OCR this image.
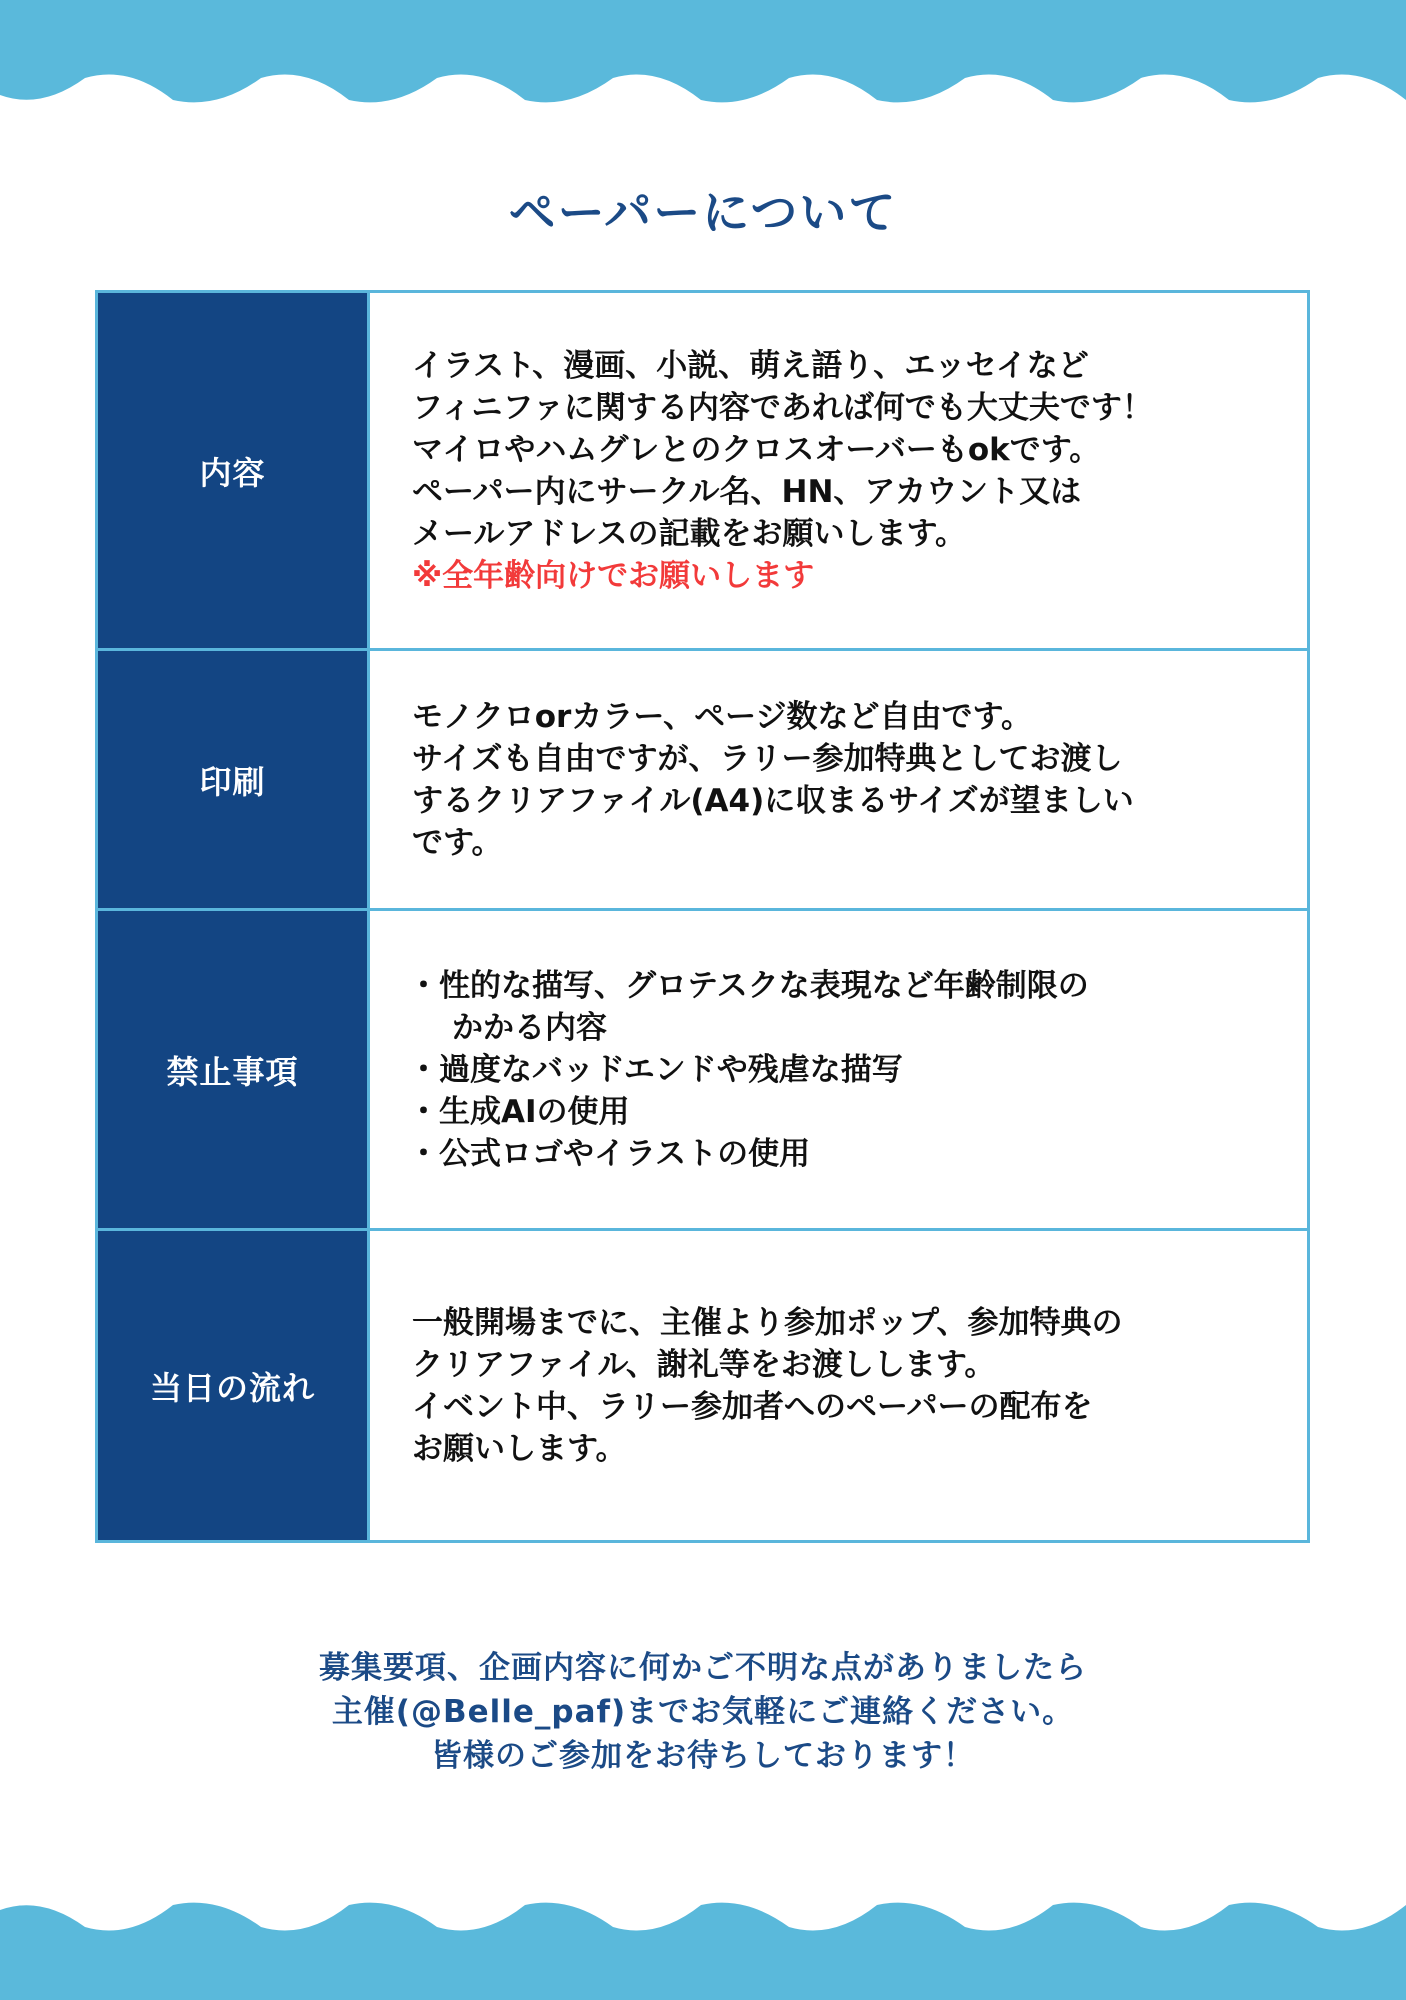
ペーパーについて
内容

イラスト、漫画、小説、萌え語り、エッセイなど

フィニファに関する内容であれば何でも大丈夫です！

マイロやハムグレとのクロスオーバーもokです。

ペーパー内にサークル名、HN、アカウント又は

メールアドレスの記載をお願いします。

※全年齢向けでお願いします

印刷

モノクロorカラー、ページ数など自由です。

サイズも自由ですが、ラリー参加特典としてお渡し

するクリアファイル(A4)に収まるサイズが望ましい

です。

禁止事項

・性的な描写、グロテスクな表現など年齢制限の

かかる内容

・過度なバッドエンドや残虐な描写

・生成AIの使用

・公式ロゴやイラストの使用

当日の流れ

一般開場までに、主催より参加ポップ、参加特典の

クリアファイル、謝礼等をお渡しします。

イベント中、ラリー参加者へのペーパーの配布を

お願いします。

募集要項、企画内容に何かご不明な点がありましたら

主催(@Belle_paf)までお気軽にご連絡ください。

皆様のご参加をお待ちしております！
